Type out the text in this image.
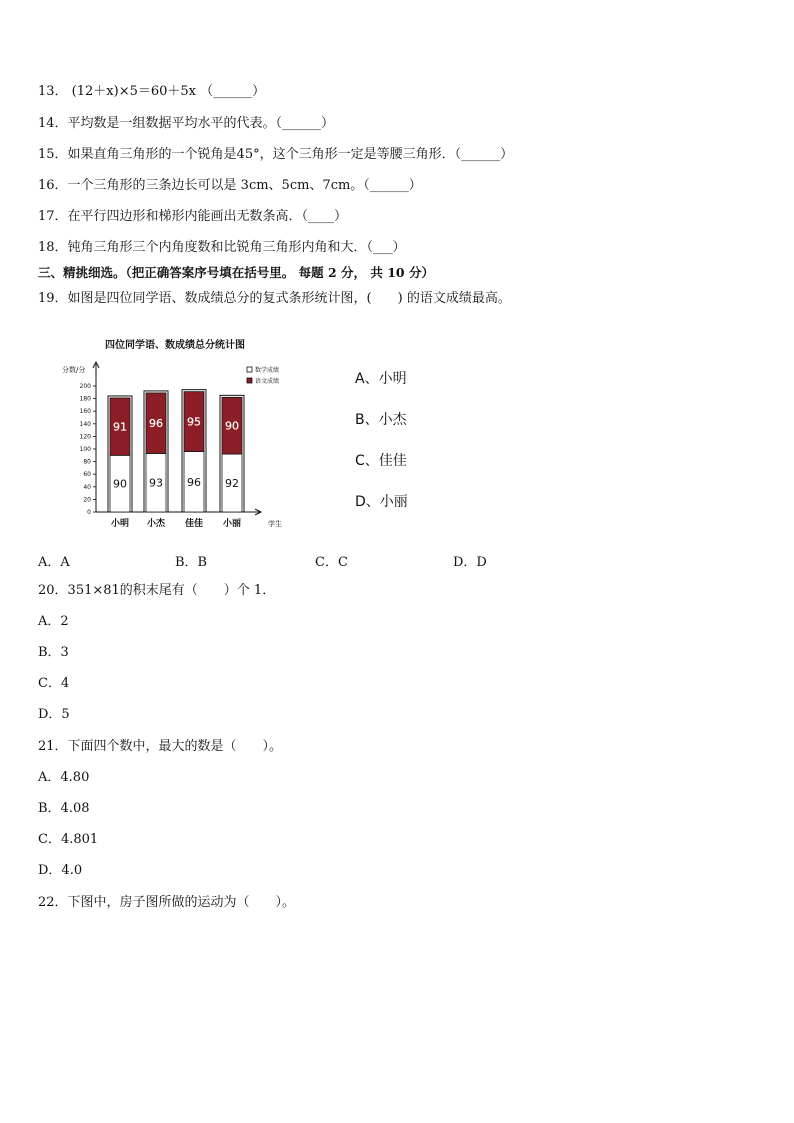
13． (12＋x)×5＝60＋5x （______）
14．平均数是一组数据平均水平的代表。（______）
15．如果直角三角形的一个锐角是45°，这个三角形一定是等腰三角形．（______）
16．一个三角形的三条边长可以是 3cm、5cm、7cm。（______）
17．在平行四边形和梯形内能画出无数条高．（____）
18．钝角三角形三个内角度数和比锐角三角形内角和大．（___）
三、精挑细选。（把正确答案序号填在括号里。 每题 2 分， 共 10 分）
19．如图是四位同学语、数成绩总分的复式条形统计图，(　　) 的语文成绩最高。
四位同学语、数成绩总分统计图
分数/分
学生
0
20
40
60
80
100
120
140
160
180
200
90
91
小明
93
96
小杰
96
95
佳佳
92
90
小丽
数学成绩
语文成绩	A、小明
B、小杰
C、佳佳
D、小丽
A．A	B．B	C．C	D．D
20．351×81的积末尾有（　　）个 1．
A．2
B．3
C．4
D．5
21．下面四个数中，最大的数是（　　）。
A．4.80
B．4.08
C．4.801
D．4.0
22．下图中，房子图所做的运动为（　　）。
